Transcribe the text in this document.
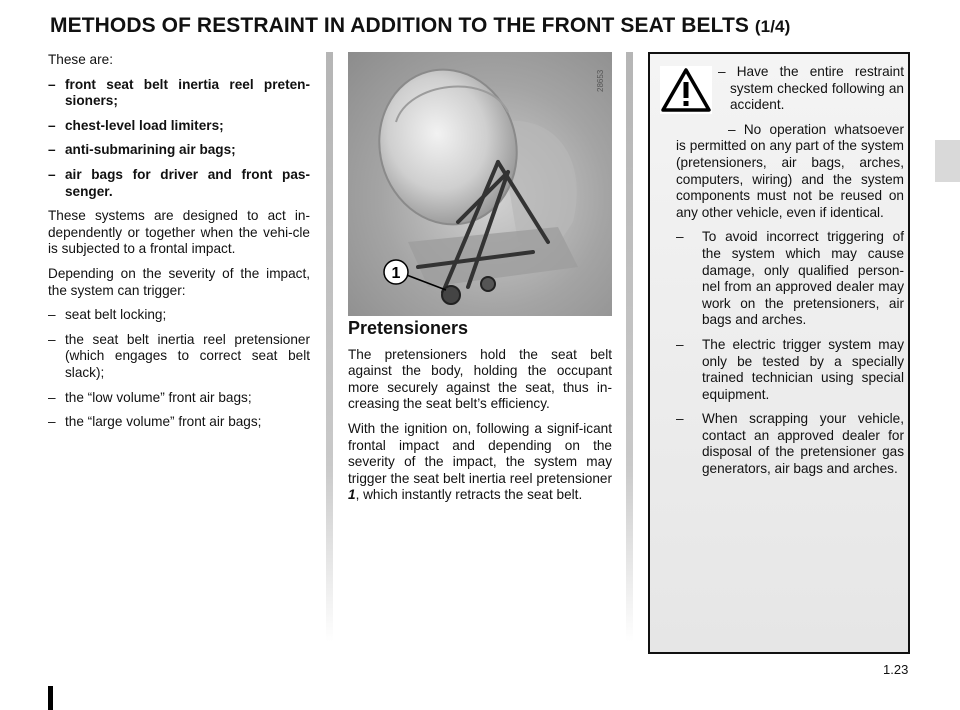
METHODS OF RESTRAINT IN ADDITION TO THE FRONT SEAT BELTS (1/4)

These are:

– front seat belt inertia reel preten-sioners;
– chest-level load limiters;
– anti-submarining air bags;
– air bags for driver and front pas-senger.

These systems are designed to act in-dependently or together when the vehi-cle is subjected to a frontal impact.

Depending on the severity of the impact, the system can trigger:

– seat belt locking;
– the seat belt inertia reel pretensioner (which engages to correct seat belt slack);
– the “low volume” front air bags;
– the “large volume” front air bags;
1
28653
Pretensioners

The pretensioners hold the seat belt against the body, holding the occupant more securely against the seat, thus in-creasing the seat belt’s efficiency.

With the ignition on, following a signif-icant frontal impact and depending on the severity of the impact, the system may trigger the seat belt inertia reel pretensioner 1, which instantly retracts the seat belt.

– Have the entire restraint system checked following an accident.
– No operation whatsoever is permitted on any part of the system (pretensioners, air bags, arches, computers, wiring) and the system components must not be reused on any other vehicle, even if identical.
– To avoid incorrect triggering of the system which may cause damage, only qualified person-nel from an approved dealer may work on the pretensioners, air bags and arches.
– The electric trigger system may only be tested by a specially trained technician using special equipment.
– When scrapping your vehicle, contact an approved dealer for disposal of the pretensioner gas generators, air bags and arches.
1.23
